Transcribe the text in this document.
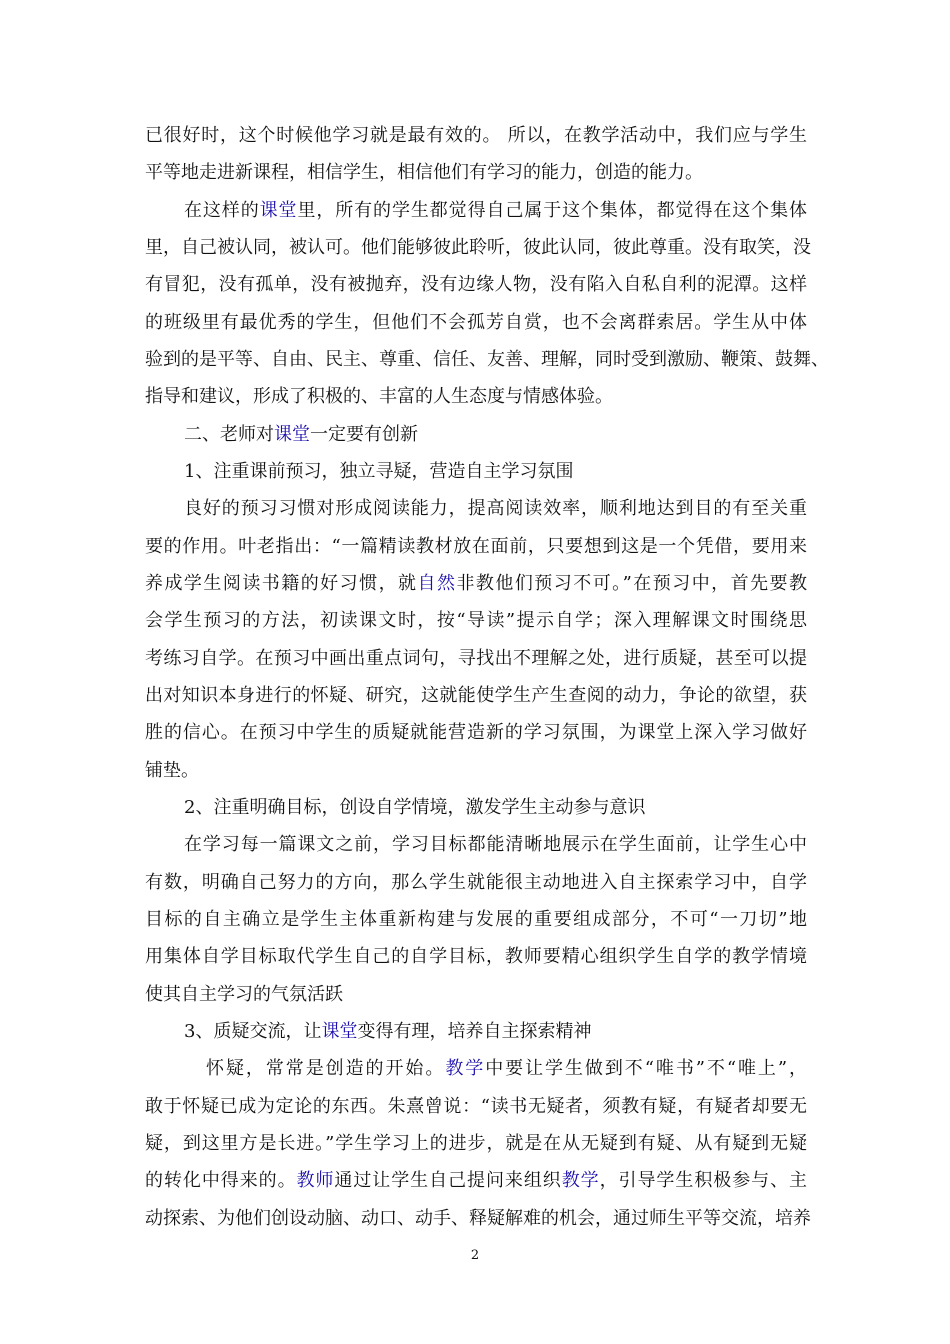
已很好时，这个时候他学习就是最有效的。 所以，在教学活动中，我们应与学生
平等地走进新课程，相信学生，相信他们有学习的能力，创造的能力。
在这样的课堂里，所有的学生都觉得自己属于这个集体，都觉得在这个集体
里，自己被认同，被认可。他们能够彼此聆听，彼此认同，彼此尊重。没有取笑，没
有冒犯，没有孤单，没有被抛弃，没有边缘人物，没有陷入自私自利的泥潭。这样
的班级里有最优秀的学生，但他们不会孤芳自赏，也不会离群索居。学生从中体
验到的是平等、自由、民主、尊重、信任、友善、理解，同时受到激励、鞭策、鼓舞、
指导和建议，形成了积极的、丰富的人生态度与情感体验。
二、老师对课堂一定要有创新
1、注重课前预习，独立寻疑，营造自主学习氛围
良好的预习习惯对形成阅读能力，提高阅读效率，顺利地达到目的有至关重
要的作用。叶老指出：“一篇精读教材放在面前，只要想到这是一个凭借，要用来
养成学生阅读书籍的好习惯，就自然非教他们预习不可。”在预习中，首先要教
会学生预习的方法，初读课文时，按“导读”提示自学；深入理解课文时围绕思
考练习自学。在预习中画出重点词句，寻找出不理解之处，进行质疑，甚至可以提
出对知识本身进行的怀疑、研究，这就能使学生产生查阅的动力，争论的欲望，获
胜的信心。在预习中学生的质疑就能营造新的学习氛围，为课堂上深入学习做好
铺垫。
2、注重明确目标，创设自学情境，激发学生主动参与意识
在学习每一篇课文之前，学习目标都能清晰地展示在学生面前，让学生心中
有数，明确自己努力的方向，那么学生就能很主动地进入自主探索学习中，自学
目标的自主确立是学生主体重新构建与发展的重要组成部分，不可“一刀切”地
用集体自学目标取代学生自己的自学目标，教师要精心组织学生自学的教学情境
使其自主学习的气氛活跃
3、质疑交流，让课堂变得有理，培养自主探索精神
怀疑，常常是创造的开始。教学中要让学生做到不“唯书”不“唯上”，
敢于怀疑已成为定论的东西。朱熹曾说：“读书无疑者，须教有疑，有疑者却要无
疑，到这里方是长进。”学生学习上的进步，就是在从无疑到有疑、从有疑到无疑
的转化中得来的。教师通过让学生自己提问来组织教学，引导学生积极参与、主
动探索、为他们创设动脑、动口、动手、释疑解难的机会，通过师生平等交流，培养
2
